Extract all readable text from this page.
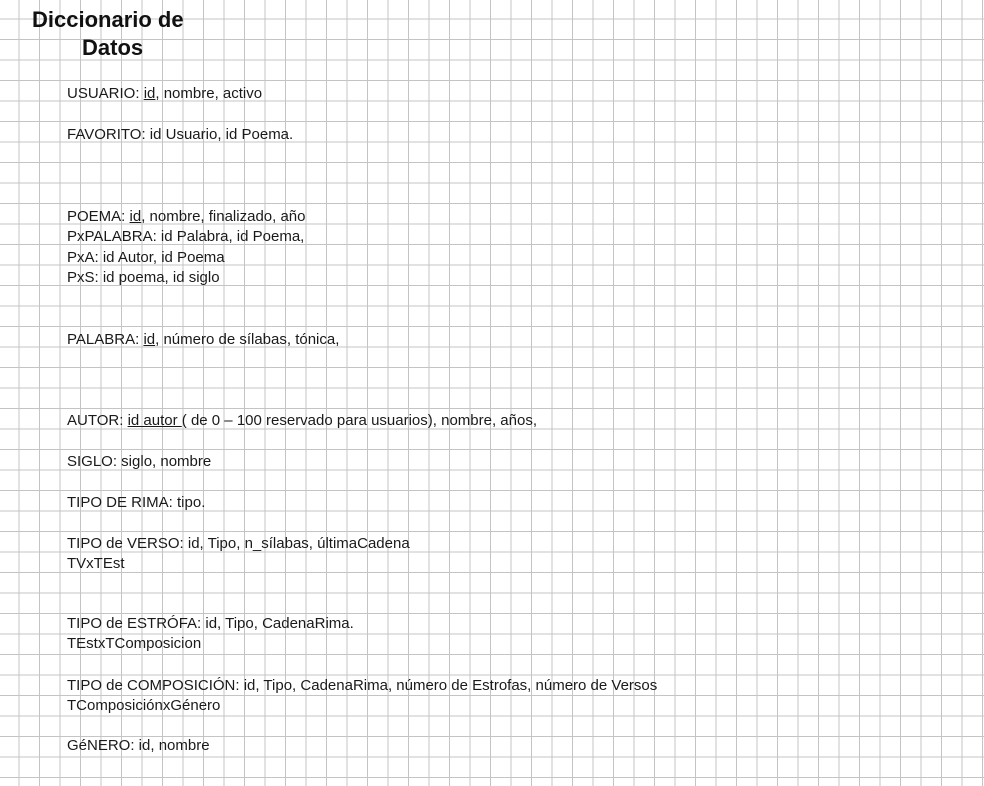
Diccionario de
Datos
USUARIO: id, nombre, activo
FAVORITO: id Usuario, id Poema.
POEMA: id, nombre, finalizado, año
PxPALABRA: id Palabra, id Poema,
PxA: id Autor, id Poema
PxS: id poema, id siglo
PALABRA: id, número de sílabas, tónica,
AUTOR: id autor ( de 0 – 100 reservado para usuarios), nombre, años,
SIGLO: siglo, nombre
TIPO DE RIMA: tipo.
TIPO de VERSO: id, Tipo, n_sílabas, últimaCadena
TVxTEst
TIPO de ESTRÓFA: id, Tipo, CadenaRima.
TEstxTComposicion
TIPO de COMPOSICIÓN: id, Tipo, CadenaRima, número de Estrofas, número de Versos
TComposiciónxGénero
GéNERO: id, nombre
